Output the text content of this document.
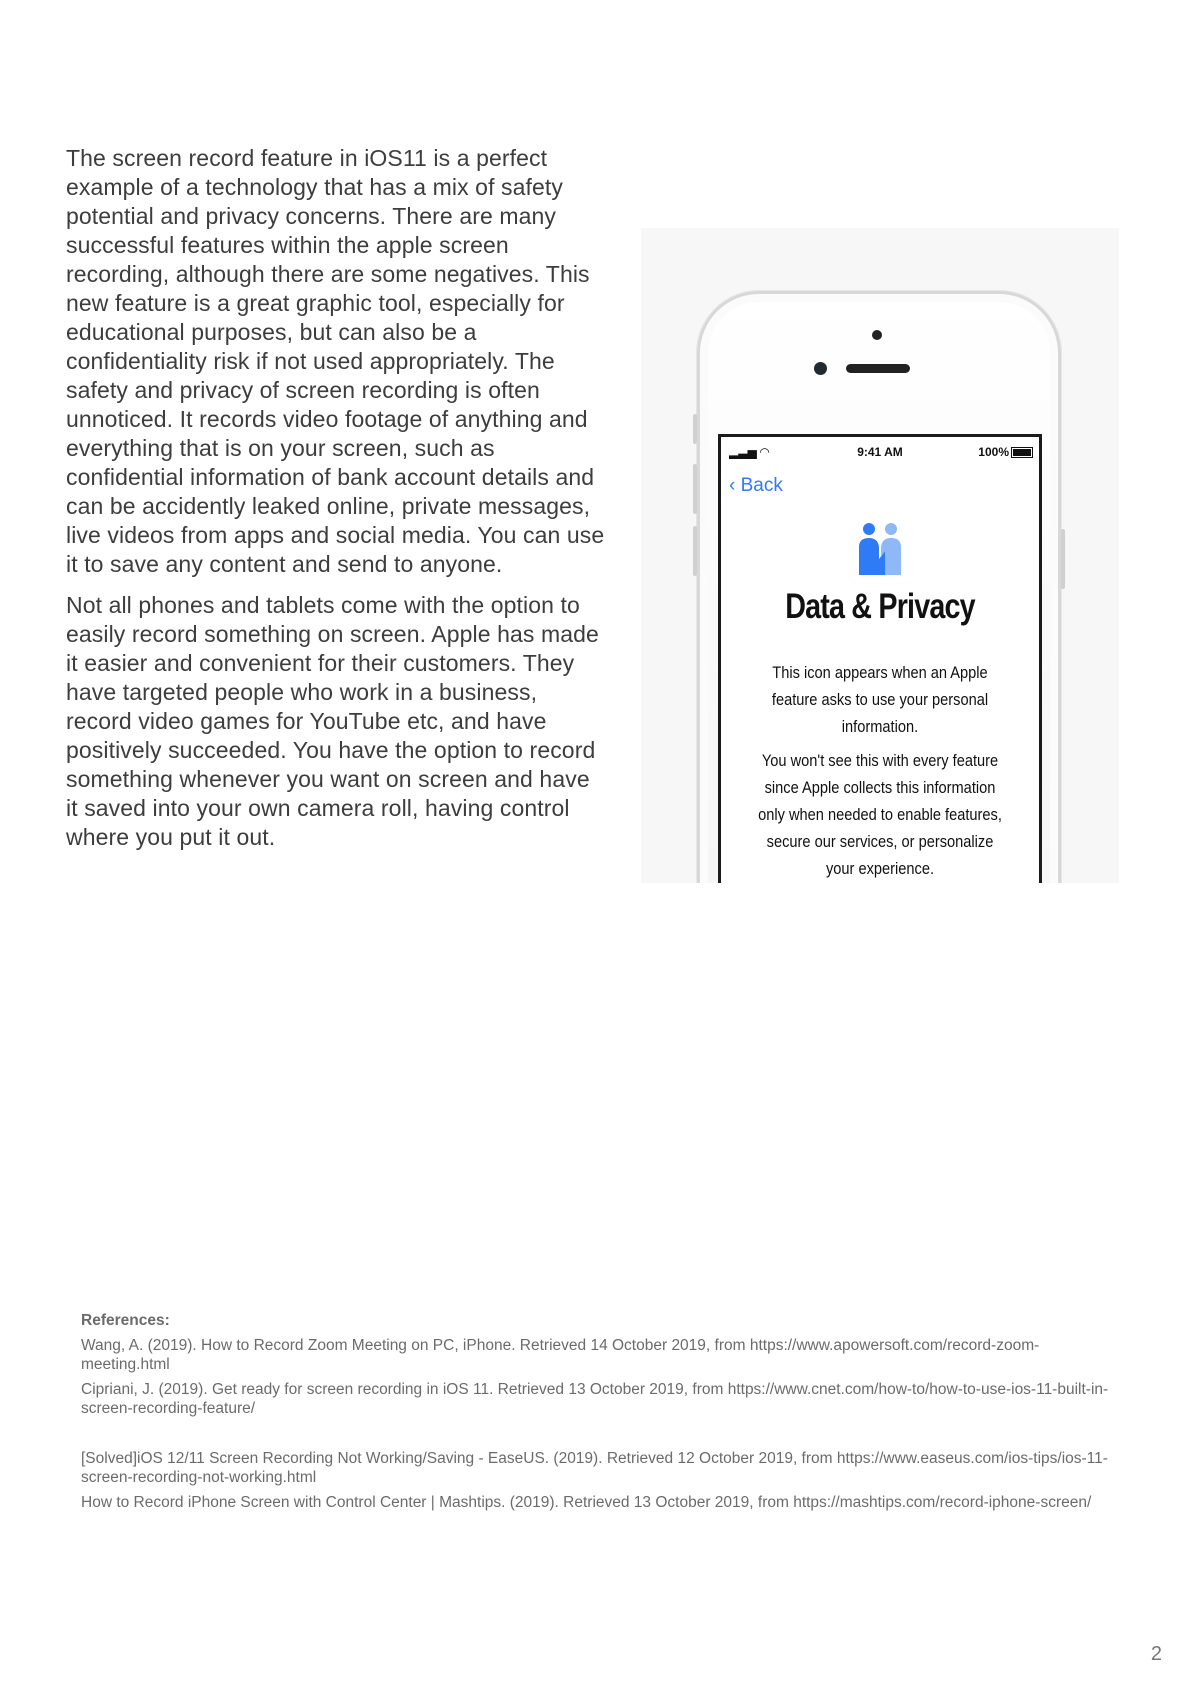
The screen record feature in iOS11 is a perfect example of a technology that has a mix of safety potential and privacy concerns. There are many successful features within the apple screen recording, although there are some negatives. This new feature is a great graphic tool, especially for educational purposes, but can also be a confidentiality risk if not used appropriately. The safety and privacy of screen recording is often unnoticed. It records video footage of anything and everything that is on your screen, such as confidential information of bank account details and can be accidently leaked online, private messages, live videos from apps and social media. You can use it to save any content and send to anyone.

Not all phones and tablets come with the option to easily record something on screen. Apple has made it easier and convenient for their customers. They have targeted people who work in a business, record video games for YouTube etc, and have positively succeeded. You have the option to record something whenever you want on screen and have it saved into your own camera roll, having control where you put it out.

▂▃▅ ◠	9:41 AM	100%
‹ Back
Data & Privacy
This icon appears when an Apple feature asks to use your personal information.
You won't see this with every feature since Apple collects this information only when needed to enable features, secure our services, or personalize your experience.
References:
Wang, A. (2019). How to Record Zoom Meeting on PC, iPhone. Retrieved 14 October 2019, from https://www.apowersoft.com/record-zoom-meeting.html
Cipriani, J. (2019). Get ready for screen recording in iOS 11. Retrieved 13 October 2019, from https://www.cnet.com/how-to/how-to-use-ios-11-built-in-screen-recording-feature/
[Solved]iOS 12/11 Screen Recording Not Working/Saving - EaseUS. (2019). Retrieved 12 October 2019, from https://www.easeus.com/ios-tips/ios-11-screen-recording-not-working.html
How to Record iPhone Screen with Control Center | Mashtips. (2019). Retrieved 13 October 2019, from https://mashtips.com/record-iphone-screen/
2
